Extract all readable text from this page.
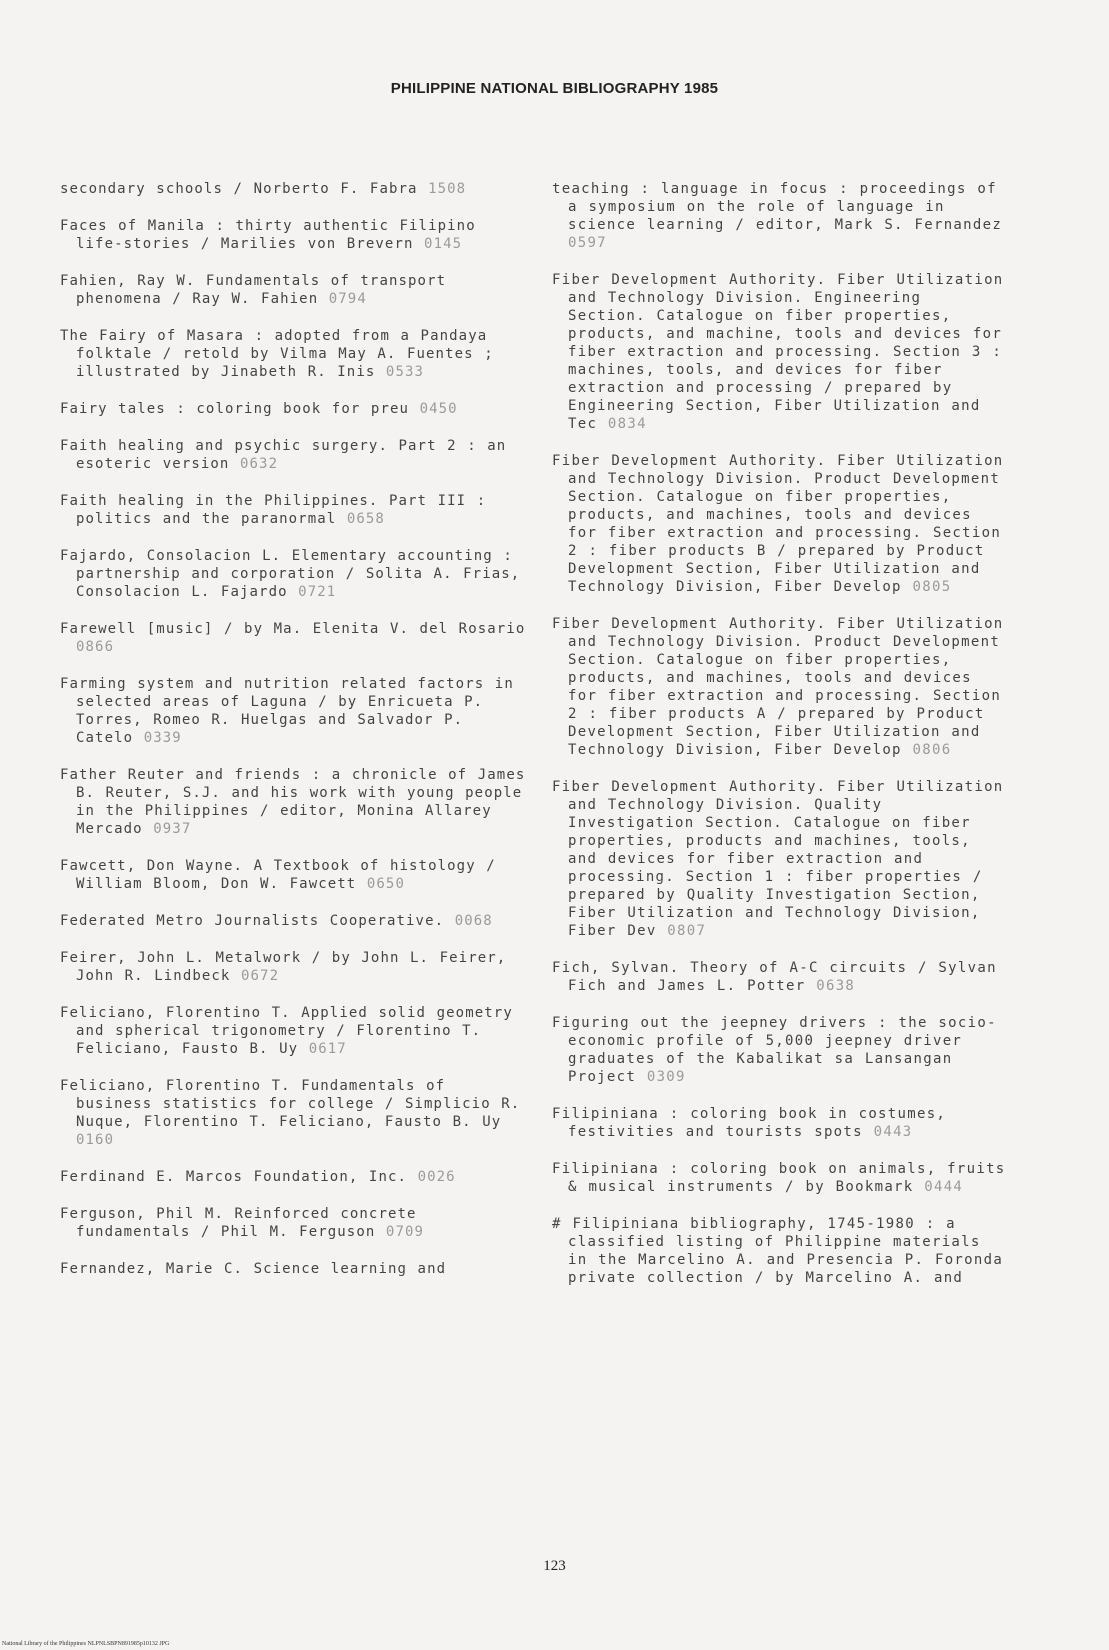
PHILIPPINE NATIONAL BIBLIOGRAPHY 1985
secondary schools / Norberto F. Fabra 1508
Faces of Manila : thirty authentic Filipino life-stories / Marilies von Brevern 0145
Fahien, Ray W. Fundamentals of transport phenomena / Ray W. Fahien 0794
The Fairy of Masara : adopted from a Pandaya folktale / retold by Vilma May A. Fuentes ; illustrated by Jinabeth R. Inis 0533
Fairy tales : coloring book for preu 0450
Faith healing and psychic surgery. Part 2 : an esoteric version 0632
Faith healing in the Philippines. Part III : politics and the paranormal 0658
Fajardo, Consolacion L. Elementary accounting : partnership and corporation / Solita A. Frias, Consolacion L. Fajardo 0721
Farewell [music] / by Ma. Elenita V. del Rosario 0866
Farming system and nutrition related factors in selected areas of Laguna / by Enricueta P. Torres, Romeo R. Huelgas and Salvador P. Catelo 0339
Father Reuter and friends : a chronicle of James B. Reuter, S.J. and his work with young people in the Philippines / editor, Monina Allarey Mercado 0937
Fawcett, Don Wayne. A Textbook of histology / William Bloom, Don W. Fawcett 0650
Federated Metro Journalists Cooperative. 0068
Feirer, John L. Metalwork / by John L. Feirer, John R. Lindbeck 0672
Feliciano, Florentino T. Applied solid geometry and spherical trigonometry / Florentino T. Feliciano, Fausto B. Uy 0617
Feliciano, Florentino T. Fundamentals of business statistics for college / Simplicio R. Nuque, Florentino T. Feliciano, Fausto B. Uy 0160
Ferdinand E. Marcos Foundation, Inc. 0026
Ferguson, Phil M. Reinforced concrete fundamentals / Phil M. Ferguson 0709
Fernandez, Marie C. Science learning and
teaching : language in focus : proceedings of a symposium on the role of language in science learning / editor, Mark S. Fernandez 0597
Fiber Development Authority. Fiber Utilization and Technology Division. Engineering Section. Catalogue on fiber properties, products, and machine, tools and devices for fiber extraction and processing. Section 3 : machines, tools, and devices for fiber extraction and processing / prepared by Engineering Section, Fiber Utilization and Tec 0834
Fiber Development Authority. Fiber Utilization and Technology Division. Product Development Section. Catalogue on fiber properties, products, and machines, tools and devices for fiber extraction and processing. Section 2 : fiber products B / prepared by Product Development Section, Fiber Utilization and Technology Division, Fiber Develop 0805
Fiber Development Authority. Fiber Utilization and Technology Division. Product Development Section. Catalogue on fiber properties, products, and machines, tools and devices for fiber extraction and processing. Section 2 : fiber products A / prepared by Product Development Section, Fiber Utilization and Technology Division, Fiber Develop 0806
Fiber Development Authority. Fiber Utilization and Technology Division. Quality Investigation Section. Catalogue on fiber properties, products and machines, tools, and devices for fiber extraction and processing. Section 1 : fiber properties / prepared by Quality Investigation Section, Fiber Utilization and Technology Division, Fiber Dev 0807
Fich, Sylvan. Theory of A-C circuits / Sylvan Fich and James L. Potter 0638
Figuring out the jeepney drivers : the socio-economic profile of 5,000 jeepney driver graduates of the Kabalikat sa Lansangan Project 0309
Filipiniana : coloring book in costumes, festivities and tourists spots 0443
Filipiniana : coloring book on animals, fruits & musical instruments / by Bookmark 0444
# Filipiniana bibliography, 1745-1980 : a classified listing of Philippine materials in the Marcelino A. and Presencia P. Foronda private collection / by Marcelino A. and
123
National Library of the Philippines NLPNLSBPN891985p10132 JPG
